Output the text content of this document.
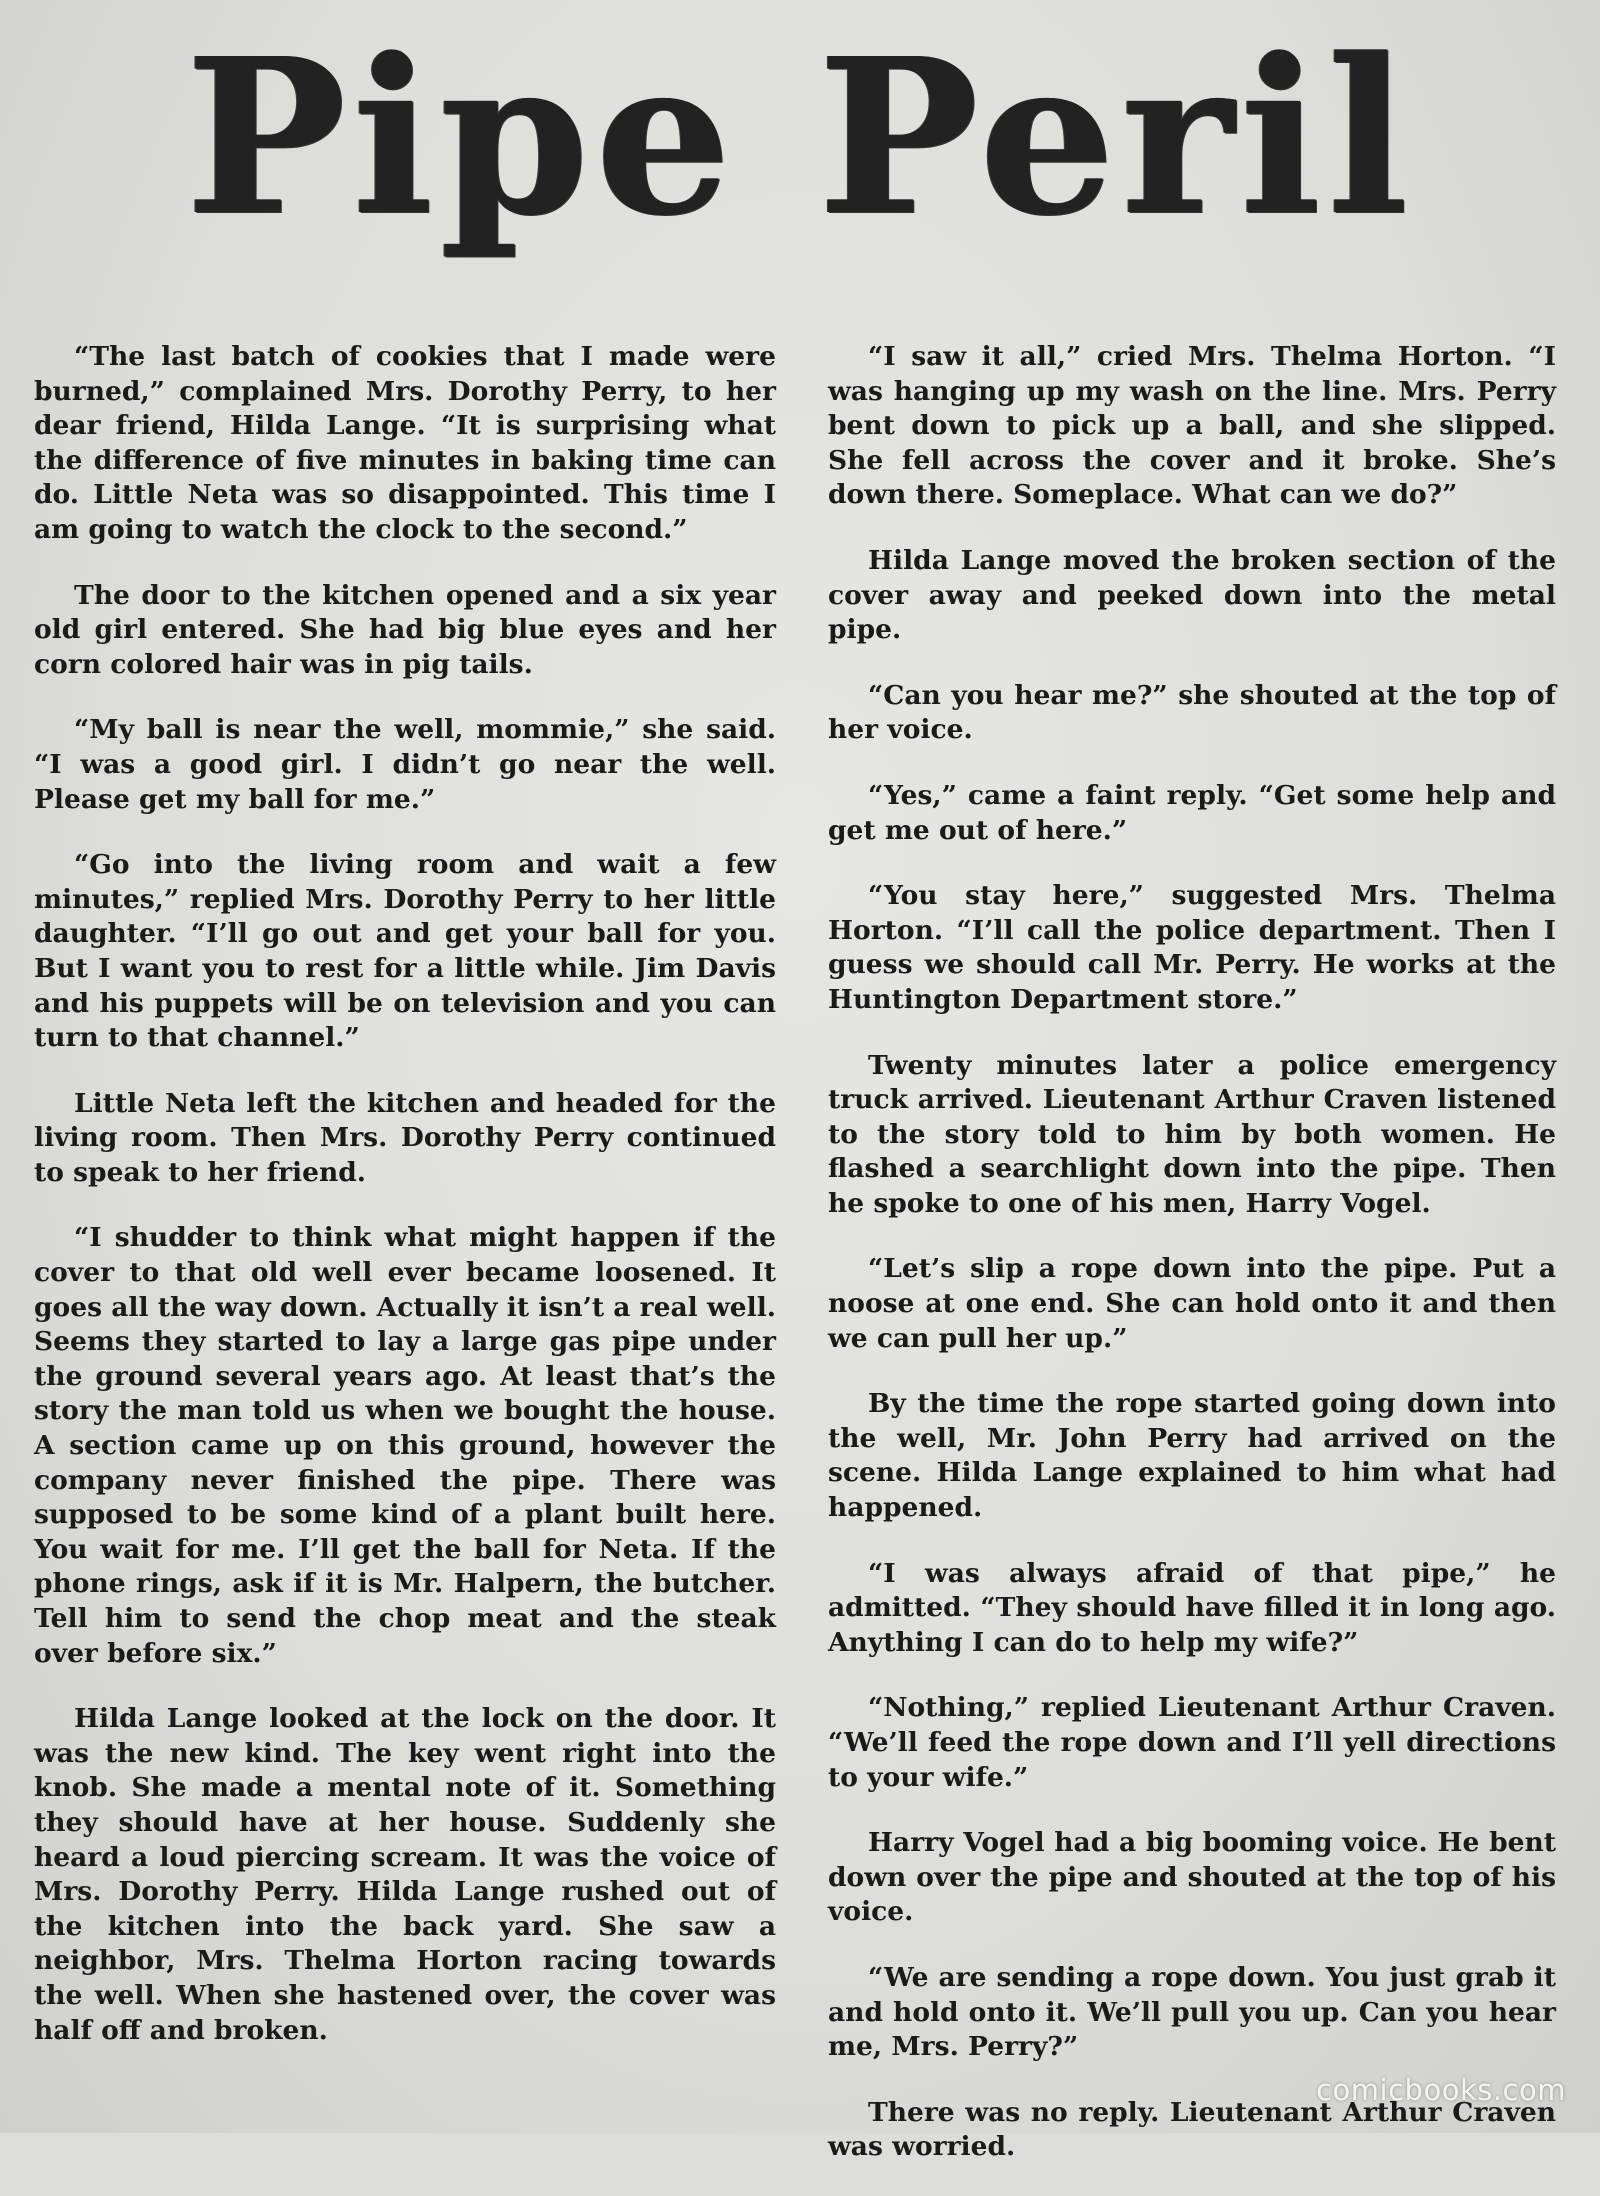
Pipe Peril

“The last batch of cookies that I made were burned,” complained Mrs. Dorothy Perry, to her dear friend, Hilda Lange. “It is surprising what the difference of five minutes in baking time can do. Little Neta was so disappointed. This time I am going to watch the clock to the second.”

The door to the kitchen opened and a six year old girl entered. She had big blue eyes and her corn colored hair was in pig tails.

“My ball is near the well, mommie,” she said. “I was a good girl. I didn’t go near the well. Please get my ball for me.”

“Go into the living room and wait a few minutes,” replied Mrs. Dorothy Perry to her little daughter. “I’ll go out and get your ball for you. But I want you to rest for a little while. Jim Davis and his puppets will be on television and you can turn to that channel.”

Little Neta left the kitchen and headed for the living room. Then Mrs. Dorothy Perry continued to speak to her friend.

“I shudder to think what might happen if the cover to that old well ever became loosened. It goes all the way down. Actually it isn’t a real well. Seems they started to lay a large gas pipe under the ground several years ago. At least that’s the story the man told us when we bought the house. A section came up on this ground, however the company never finished the pipe. There was supposed to be some kind of a plant built here. You wait for me. I’ll get the ball for Neta. If the phone rings, ask if it is Mr. Halpern, the butcher. Tell him to send the chop meat and the steak over before six.”

Hilda Lange looked at the lock on the door. It was the new kind. The key went right into the knob. She made a mental note of it. Something they should have at her house. Suddenly she heard a loud piercing scream. It was the voice of Mrs. Dorothy Perry. Hilda Lange rushed out of the kitchen into the back yard. She saw a neighbor, Mrs. Thelma Horton racing towards the well. When she hastened over, the cover was half off and broken.

“I saw it all,” cried Mrs. Thelma Horton. “I was hanging up my wash on the line. Mrs. Perry bent down to pick up a ball, and she slipped. She fell across the cover and it broke. She’s down there. Someplace. What can we do?”

Hilda Lange moved the broken section of the cover away and peeked down into the metal pipe.

“Can you hear me?” she shouted at the top of her voice.

“Yes,” came a faint reply. “Get some help and get me out of here.”

“You stay here,” suggested Mrs. Thelma Horton. “I’ll call the police department. Then I guess we should call Mr. Perry. He works at the Huntington Department store.”

Twenty minutes later a police emergency truck arrived. Lieutenant Arthur Craven listened to the story told to him by both women. He flashed a searchlight down into the pipe. Then he spoke to one of his men, Harry Vogel.

“Let’s slip a rope down into the pipe. Put a noose at one end. She can hold onto it and then we can pull her up.”

By the time the rope started going down into the well, Mr. John Perry had arrived on the scene. Hilda Lange explained to him what had happened.

“I was always afraid of that pipe,” he admitted. “They should have filled it in long ago. Anything I can do to help my wife?”

“Nothing,” replied Lieutenant Arthur Craven. “We’ll feed the rope down and I’ll yell directions to your wife.”

Harry Vogel had a big booming voice. He bent down over the pipe and shouted at the top of his voice.

“We are sending a rope down. You just grab it and hold onto it. We’ll pull you up. Can you hear me, Mrs. Perry?”

There was no reply. Lieutenant Arthur Craven was worried.

comicbooks.com
